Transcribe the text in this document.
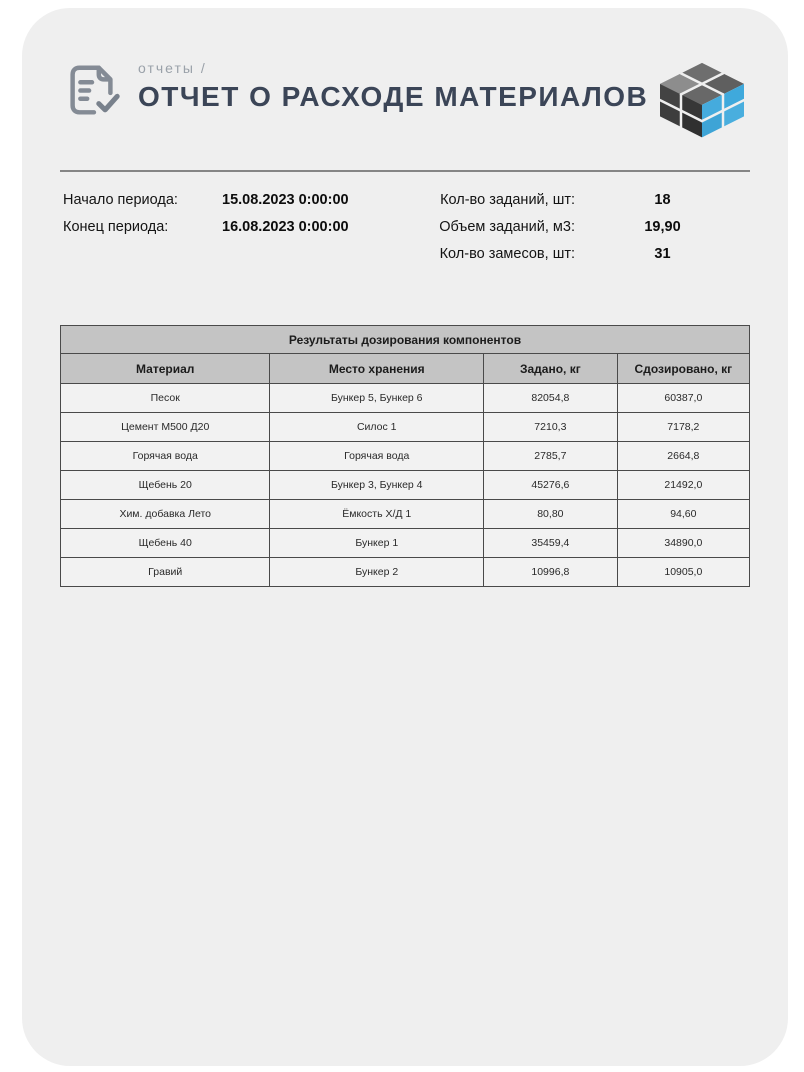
отчеты /
ОТЧЕТ О РАСХОДЕ МАТЕРИАЛОВ
Начало периода:	15.08.2023 0:00:00
Конец периода:	16.08.2023 0:00:00
Кол-во заданий, шт:	18
Объем заданий, м3:	19,90
Кол-во замесов, шт:	31
Результаты дозирования компонентов			
Материал	Место хранения	Задано, кг	Сдозировано, кг
Песок	Бункер 5, Бункер 6	82054,8	60387,0
Цемент М500 Д20	Силос 1	7210,3	7178,2
Горячая вода	Горячая вода	2785,7	2664,8
Щебень 20	Бункер 3, Бункер 4	45276,6	21492,0
Хим. добавка Лето	Ёмкость Х/Д 1	80,80	94,60
Щебень 40	Бункер 1	35459,4	34890,0
Гравий	Бункер 2	10996,8	10905,0
